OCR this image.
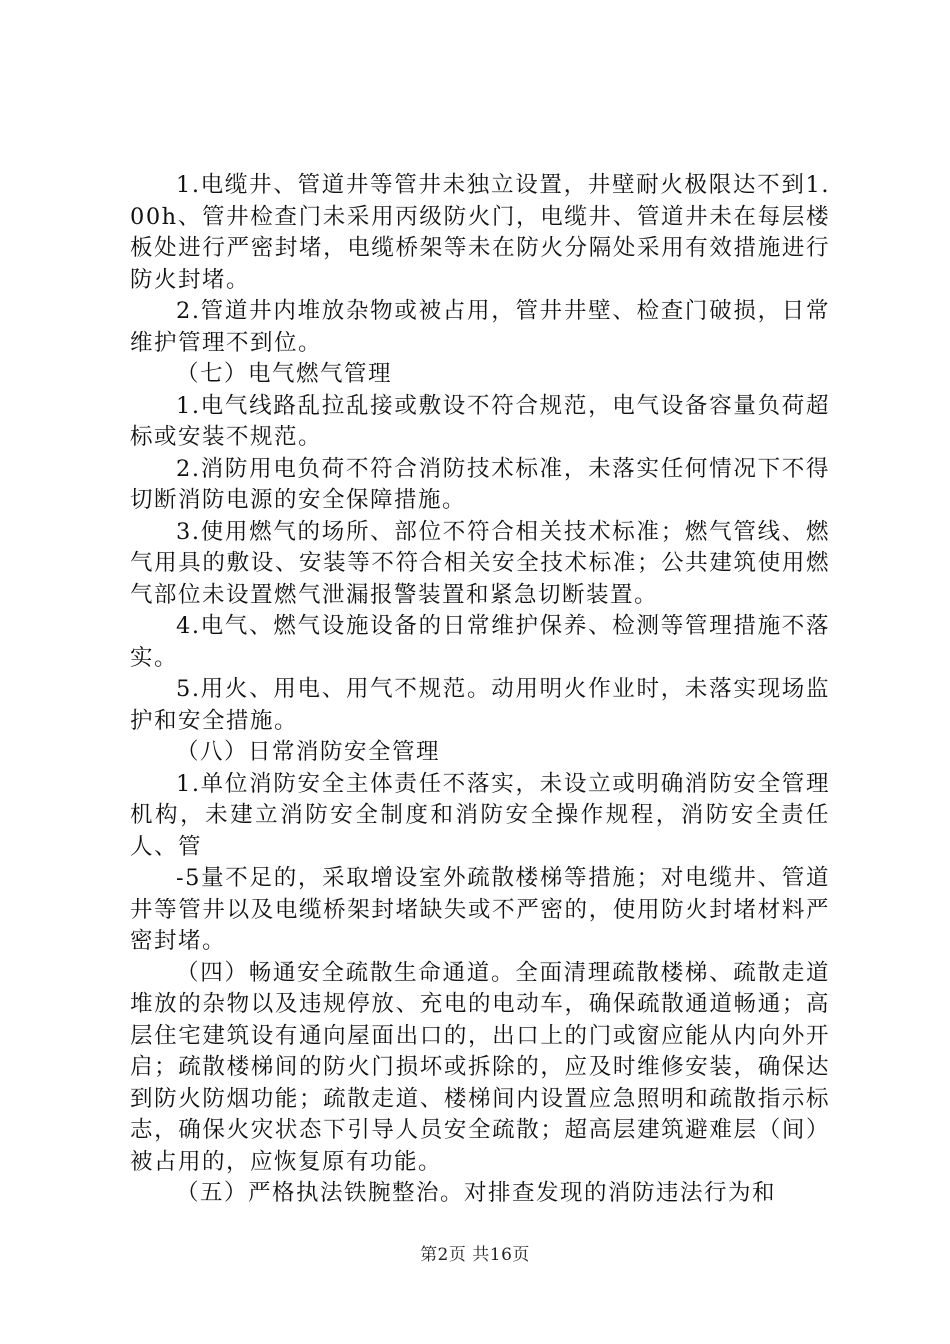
1.电缆井、管道井等管井未独立设置，井壁耐火极限达不到1.00h、管井检查门未采用丙级防火门，电缆井、管道井未在每层楼板处进行严密封堵，电缆桥架等未在防火分隔处采用有效措施进行防火封堵。

2.管道井内堆放杂物或被占用，管井井壁、检查门破损，日常维护管理不到位。

（七）电气燃气管理

1.电气线路乱拉乱接或敷设不符合规范，电气设备容量负荷超标或安装不规范。

2.消防用电负荷不符合消防技术标准，未落实任何情况下不得切断消防电源的安全保障措施。

3.使用燃气的场所、部位不符合相关技术标准；燃气管线、燃气用具的敷设、安装等不符合相关安全技术标准；公共建筑使用燃气部位未设置燃气泄漏报警装置和紧急切断装置。

4.电气、燃气设施设备的日常维护保养、检测等管理措施不落实。

5.用火、用电、用气不规范。动用明火作业时，未落实现场监护和安全措施。

（八）日常消防安全管理

1.单位消防安全主体责任不落实，未设立或明确消防安全管理机构，未建立消防安全制度和消防安全操作规程，消防安全责任人、管

-5量不足的，采取增设室外疏散楼梯等措施；对电缆井、管道井等管井以及电缆桥架封堵缺失或不严密的，使用防火封堵材料严密封堵。

（四）畅通安全疏散生命通道。全面清理疏散楼梯、疏散走道堆放的杂物以及违规停放、充电的电动车，确保疏散通道畅通；高层住宅建筑设有通向屋面出口的，出口上的门或窗应能从内向外开启；疏散楼梯间的防火门损坏或拆除的，应及时维修安装，确保达到防火防烟功能；疏散走道、楼梯间内设置应急照明和疏散指示标志，确保火灾状态下引导人员安全疏散；超高层建筑避难层（间）被占用的，应恢复原有功能。

（五）严格执法铁腕整治。对排查发现的消防违法行为和

第2页 共16页
